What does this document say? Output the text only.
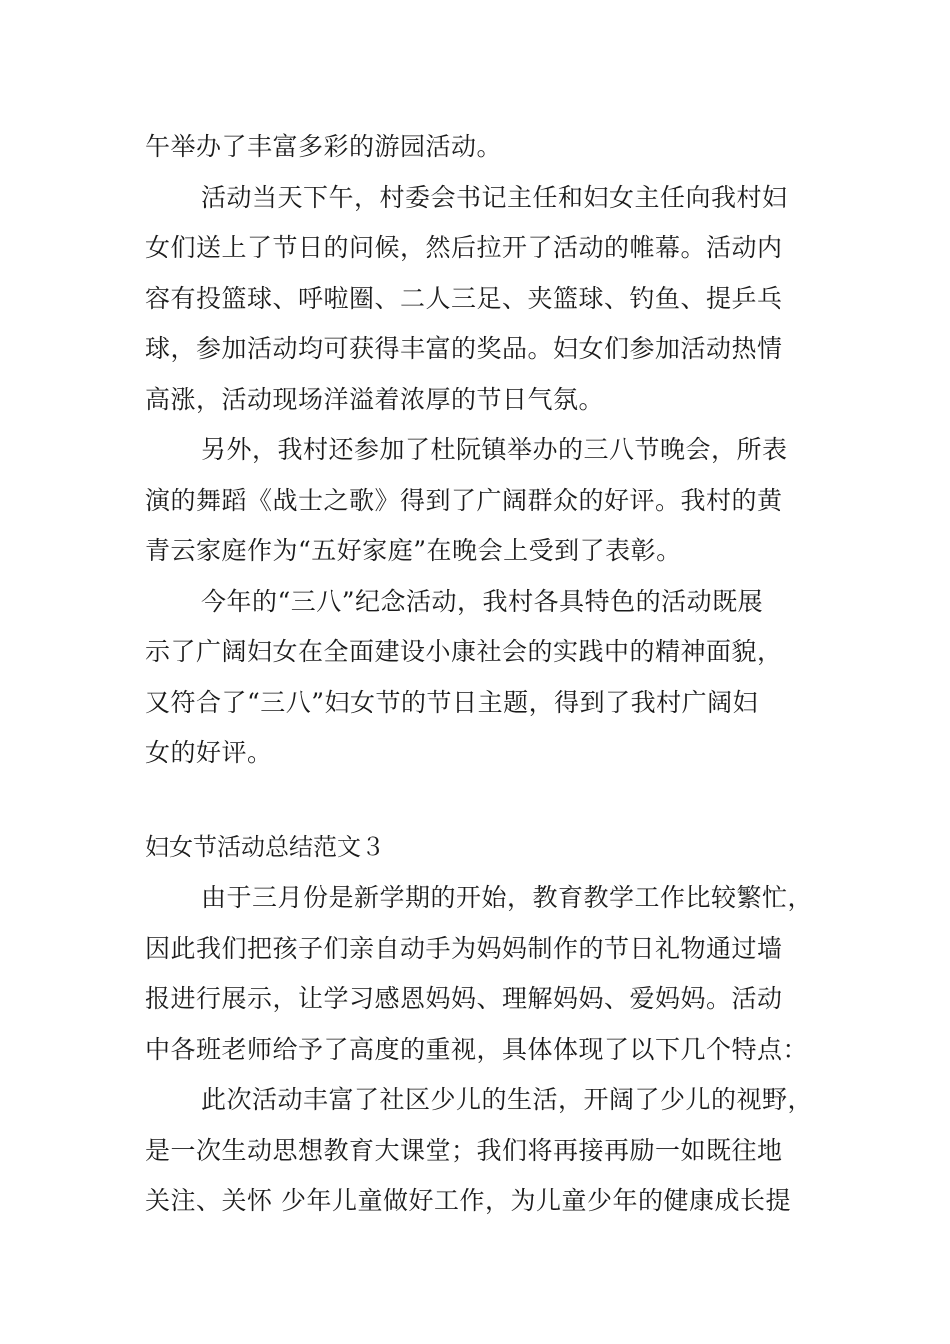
午举办了丰富多彩的游园活动。
活动当天下午，村委会书记主任和妇女主任向我村妇
女们送上了节日的问候，然后拉开了活动的帷幕。活动内
容有投篮球、呼啦圈、二人三足、夹篮球、钓鱼、提乒乓
球，参加活动均可获得丰富的奖品。妇女们参加活动热情
高涨，活动现场洋溢着浓厚的节日气氛。
另外，我村还参加了杜阮镇举办的三八节晚会，所表
演的舞蹈《战士之歌》得到了广阔群众的好评。我村的黄
青云家庭作为“五好家庭”在晚会上受到了表彰。
今年的“三八”纪念活动，我村各具特色的活动既展
示了广阔妇女在全面建设小康社会的实践中的精神面貌，
又符合了“三八”妇女节的节日主题，得到了我村广阔妇
女的好评。
妇女节活动总结范文３
由于三月份是新学期的开始，教育教学工作比较繁忙，
因此我们把孩子们亲自动手为妈妈制作的节日礼物通过墙
报进行展示，让学习感恩妈妈、理解妈妈、爱妈妈。活动
中各班老师给予了高度的重视，具体体现了以下几个特点：
此次活动丰富了社区少儿的生活，开阔了少儿的视野，
是一次生动思想教育大课堂；我们将再接再励一如既往地
关注、关怀 少年儿童做好工作，为儿童少年的健康成长提
